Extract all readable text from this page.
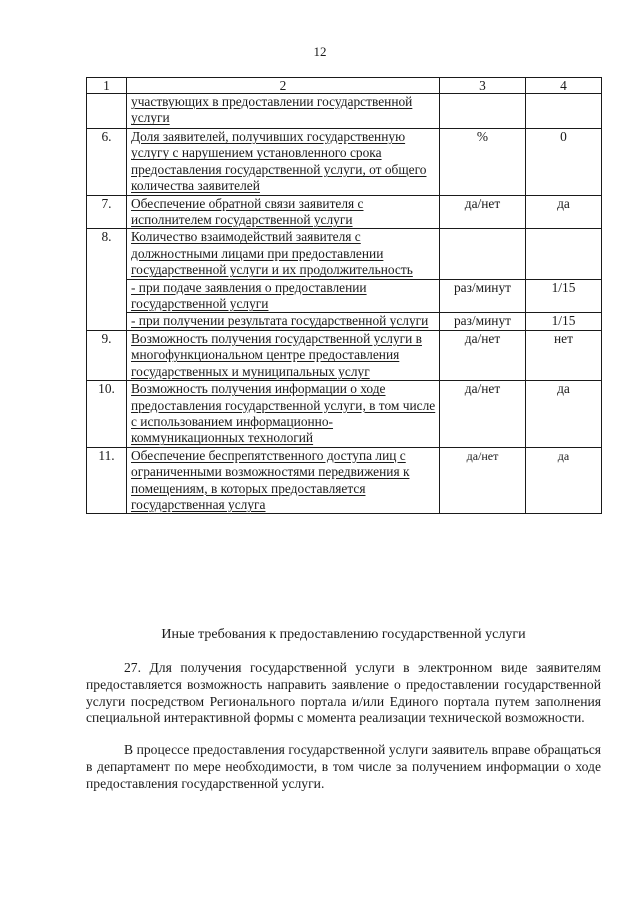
12
1	2	3	4
	участвующих в предоставлении государственной услуги		
6.	Доля заявителей, получивших государственную услугу с нарушением установленного срока предоставления государственной услуги, от общего количества заявителей	%	0
7.	Обеспечение обратной связи заявителя с исполнителем государственной услуги	да/нет	да
8.	Количество взаимодействий заявителя с должностными лицами при предоставлении государственной услуги и их продолжительность		
	- при подаче заявления о предоставлении государственной услуги	раз/минут	1/15
	- при получении результата государственной услуги	раз/минут	1/15
9.	Возможность получения государственной услуги в многофункциональном центре предоставления государственных и муниципальных услуг	да/нет	нет
10.	Возможность получения информации о ходе предоставления государственной услуги, в том числе с использованием информационно-коммуникационных технологий	да/нет	да
11.	Обеспечение беспрепятственного доступа лиц с ограниченными возможностями передвижения к помещениям, в которых предоставляется государственная услуга	да/нет	да
Иные требования к предоставлению государственной услуги
27. Для получения государственной услуги в электронном виде заявителям предоставляется возможность направить заявление о предоставлении государственной услуги посредством Регионального портала и/или Единого портала путем заполнения специальной интерактивной формы с момента реализации технической возможности.
В процессе предоставления государственной услуги заявитель вправе обращаться в департамент по мере необходимости, в том числе за получением информации о ходе предоставления государственной услуги.
